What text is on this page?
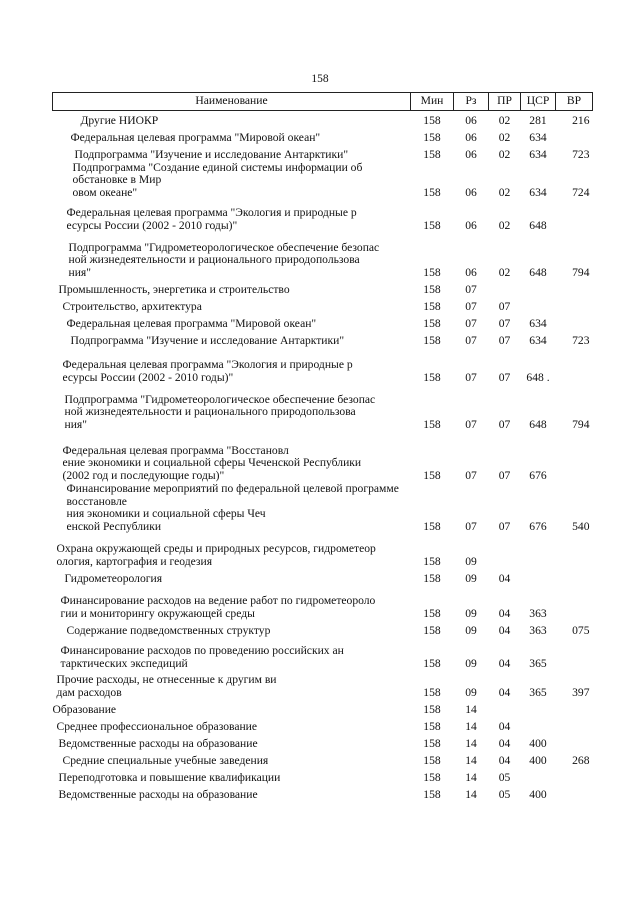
158
Наименование	Мин	Рз	ПР	ЦСР	ВР
Другие НИОКР	158	06	02	281	216
Федеральная целевая программа "Мировой океан"	158	06	02	634	
Подпрограмма "Изучение и исследование Антарктики"	158	06	02	634	723

Подпрограмма "Создание единой системы информации об обстановке в Мир
овом океане"	158	06	02	634	724

Федеральная целевая программа "Экология и природные р
есурсы России (2002 - 2010 годы)"	158	06	02	648	

Подпрограмма "Гидрометеорологическое обеспечение безопас
ной жизнедеятельности и рационального природопользова
ния"	158	06	02	648	794
Промышленность, энергетика и строительство	158	07			
Строительство, архитектура	158	07	07		
Федеральная целевая программа "Мировой океан"	158	07	07	634	
Подпрограмма "Изучение и исследование Антарктики"	158	07	07	634	723

Федеральная целевая программа "Экология и природные р
есурсы России (2002 - 2010 годы)"	158	07	07	648 .	

Подпрограмма "Гидрометеорологическое обеспечение безопас
ной жизнедеятельности и рационального природопользова
ния"	158	07	07	648	794

Федеральная целевая программа "Восстановл
ение экономики и социальной сферы Чеченской Республики
(2002 год и последующие годы)"	158	07	07	676	

Финансирование мероприятий по федеральной целевой программе восстановле
ния экономики и социальной сферы Чеч
енской Республики	158	07	07	676	540

Охрана окружающей среды и природных ресурсов, гидрометеор
ология, картография и геодезия	158	09			
Гидрометеорология	158	09	04		

Финансирование расходов на ведение работ по гидрометеороло
гии и мониторингу окружающей среды	158	09	04	363	
Содержание подведомственных структур	158	09	04	363	075

Финансирование расходов по проведению российских ан
тарктических экспедиций	158	09	04	365	

Прочие расходы, не отнесенные к другим ви
дам расходов	158	09	04	365	397
Образование	158	14			
Среднее профессиональное образование	158	14	04		
Ведомственные расходы на образование	158	14	04	400	
Средние специальные учебные заведения	158	14	04	400	268
Переподготовка и повышение квалификации	158	14	05		
Ведомственные расходы на образование	158	14	05	400	
